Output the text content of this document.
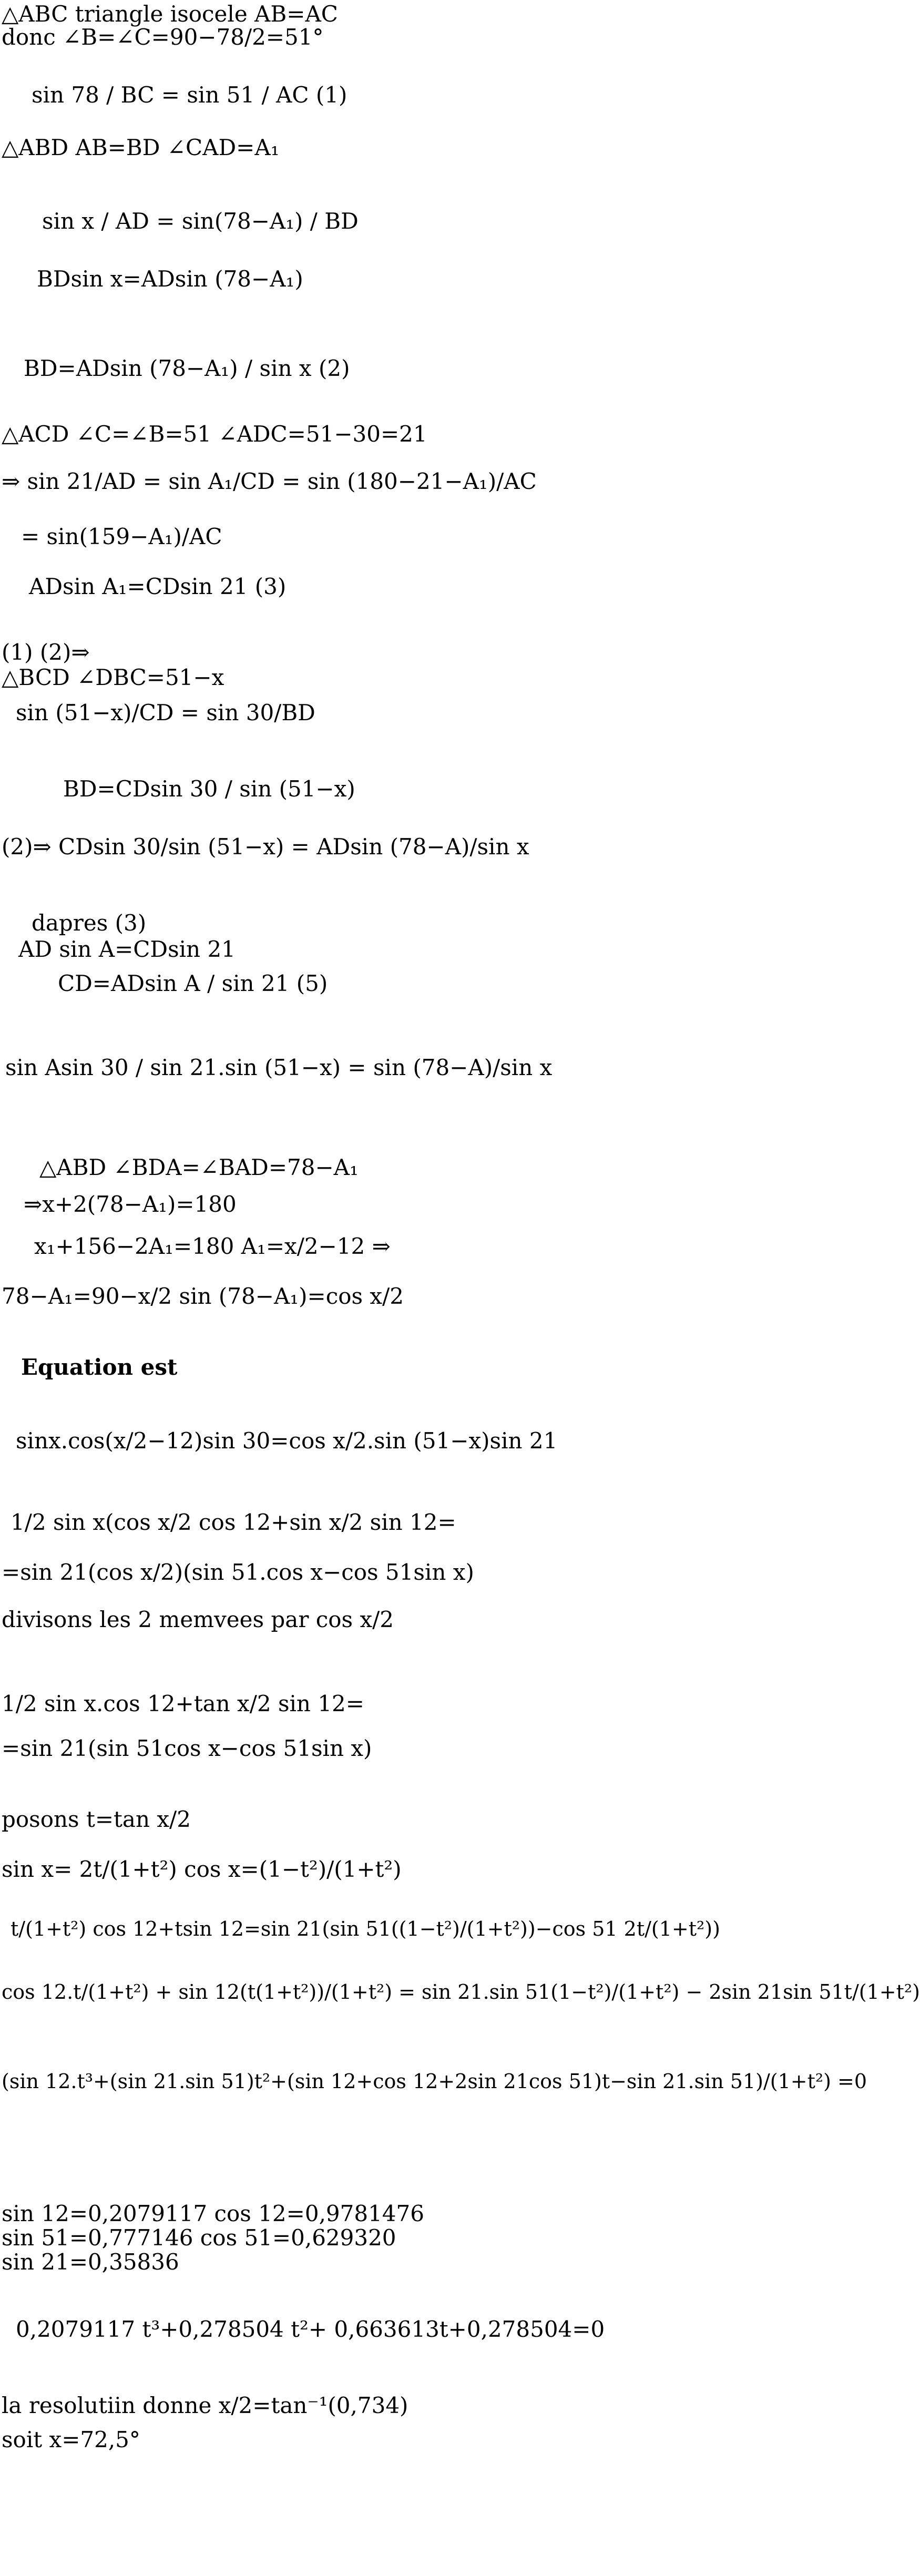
△ABC triangle isocele AB=AC
donc ∠B=∠C=90−78/2=51°
sin 78 / BC = sin 51 / AC (1)
△ABD AB=BD ∠CAD=A₁
sin x / AD = sin(78−A₁) / BD
BDsin x=ADsin (78−A₁)
BD=ADsin (78−A₁) / sin x (2)
△ACD ∠C=∠B=51 ∠ADC=51−30=21
⇒ sin 21/AD = sin A₁/CD = sin (180−21−A₁)/AC
= sin(159−A₁)/AC
ADsin A₁=CDsin 21 (3)
(1) (2)⇒
△BCD ∠DBC=51−x
sin (51−x)/CD = sin 30/BD
BD=CDsin 30 / sin (51−x)
(2)⇒ CDsin 30/sin (51−x) = ADsin (78−A)/sin x
dapres (3)
AD sin A=CDsin 21
CD=ADsin A / sin 21 (5)
sin Asin 30 / sin 21.sin (51−x) = sin (78−A)/sin x
△ABD ∠BDA=∠BAD=78−A₁
⇒x+2(78−A₁)=180
x₁+156−2A₁=180 A₁=x/2−12 ⇒
78−A₁=90−x/2 sin (78−A₁)=cos x/2
Equation est
sinx.cos(x/2−12)sin 30=cos x/2.sin (51−x)sin 21
1/2 sin x(cos x/2 cos 12+sin x/2 sin 12=
=sin 21(cos x/2)(sin 51.cos x−cos 51sin x)
divisons les 2 memvees par cos x/2
1/2 sin x.cos 12+tan x/2 sin 12=
=sin 21(sin 51cos x−cos 51sin x)
posons t=tan x/2
sin x= 2t/(1+t²) cos x=(1−t²)/(1+t²)
t/(1+t²) cos 12+tsin 12=sin 21(sin 51((1−t²)/(1+t²))−cos 51 2t/(1+t²))
cos 12.t/(1+t²) + sin 12(t(1+t²))/(1+t²) = sin 21.sin 51(1−t²)/(1+t²) − 2sin 21sin 51t/(1+t²)
(sin 12.t³+(sin 21.sin 51)t²+(sin 12+cos 12+2sin 21cos 51)t−sin 21.sin 51)/(1+t²) =0
sin 12=0,2079117 cos 12=0,9781476
sin 51=0,777146 cos 51=0,629320
sin 21=0,35836
0,2079117 t³+0,278504 t²+ 0,663613t+0,278504=0
la resolutiin donne x/2=tan⁻¹(0,734)
soit x=72,5°
